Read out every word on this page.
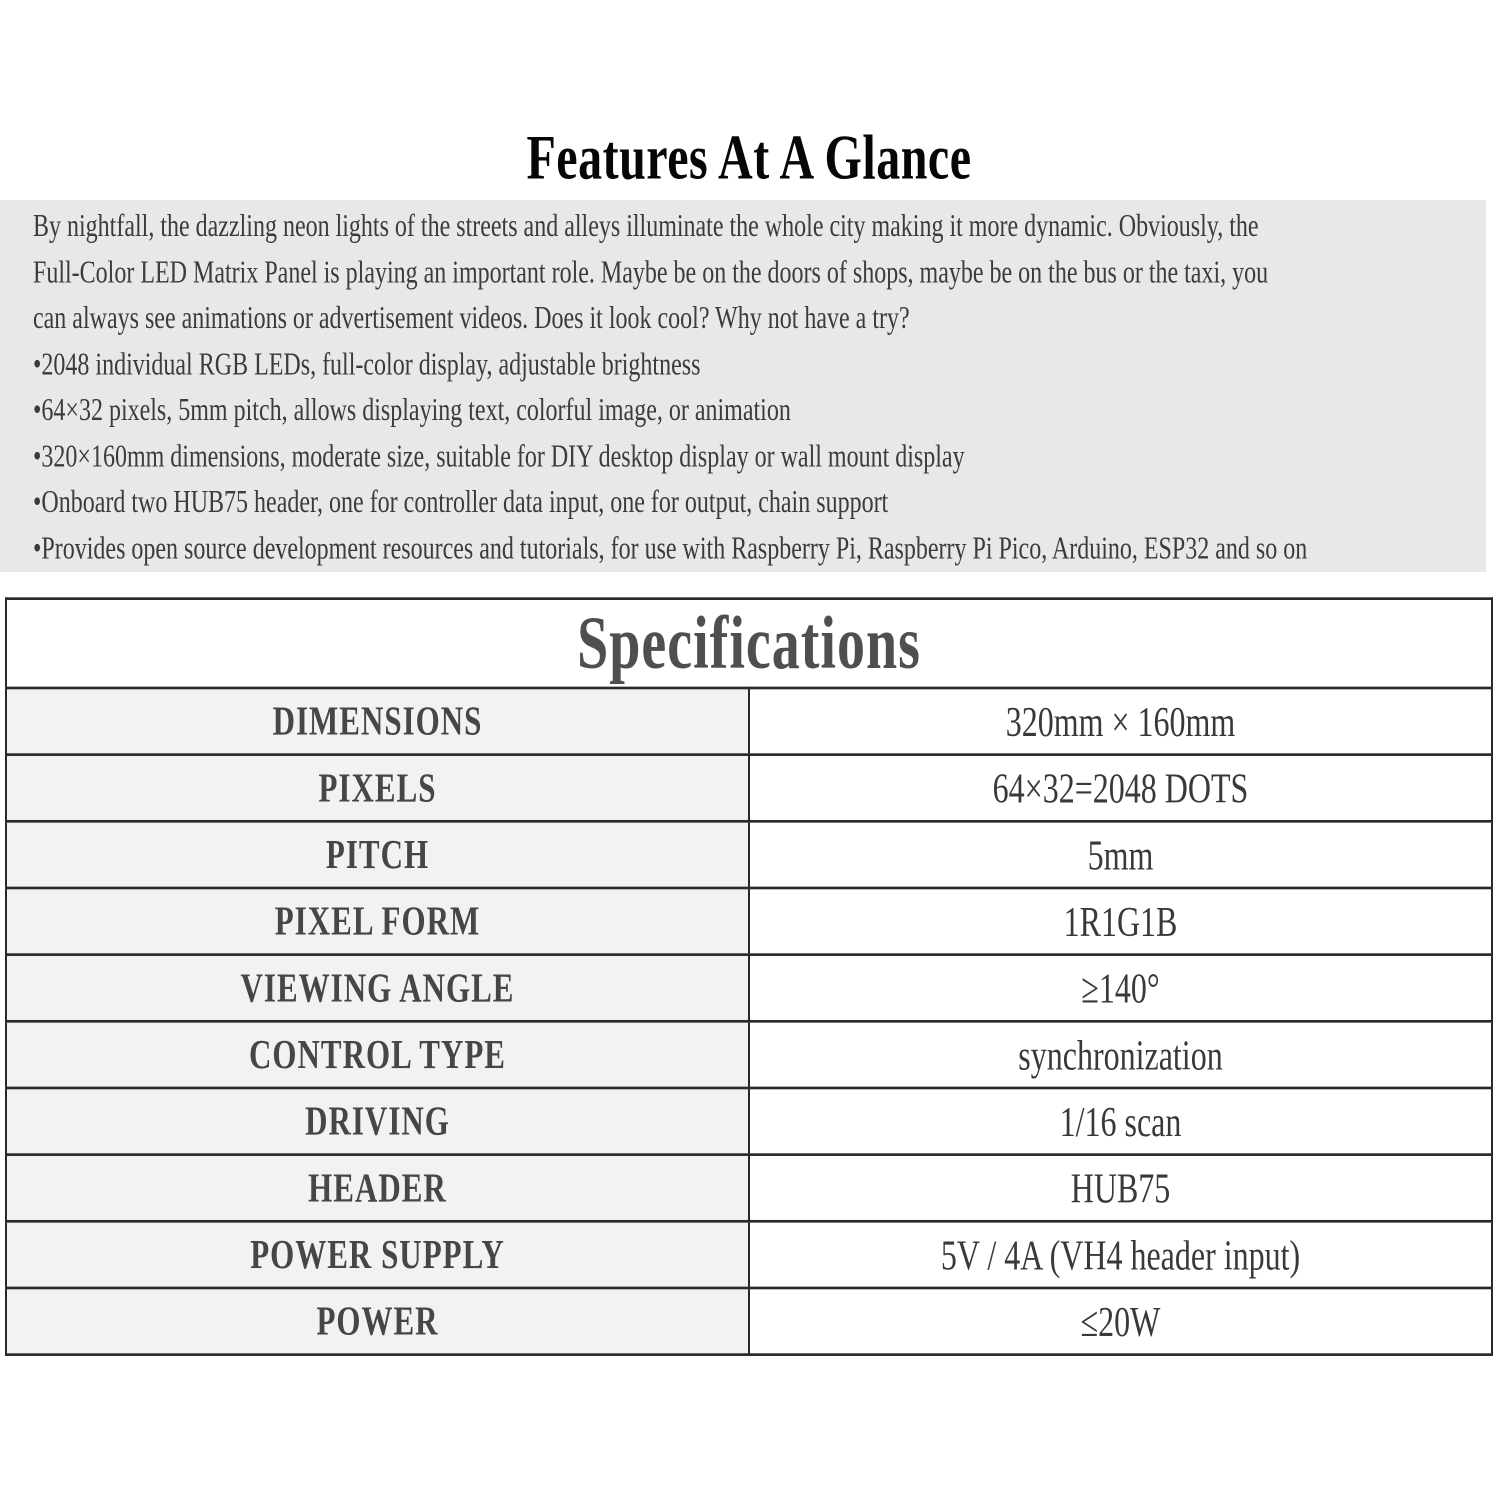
Features At A Glance
By nightfall, the dazzling neon lights of the streets and alleys illuminate the whole city making it more dynamic. Obviously, the
Full-Color LED Matrix Panel is playing an important role. Maybe be on the doors of shops, maybe be on the bus or the taxi, you
can always see animations or advertisement videos. Does it look cool? Why not have a try?
•2048 individual RGB LEDs, full-color display, adjustable brightness
•64×32 pixels, 5mm pitch, allows displaying text, colorful image, or animation
•320×160mm dimensions, moderate size, suitable for DIY desktop display or wall mount display
•Onboard two HUB75 header, one for controller data input, one for output, chain support
•Provides open source development resources and tutorials, for use with Raspberry Pi, Raspberry Pi Pico, Arduino, ESP32 and so on
Specifications	
DIMENSIONS	320mm × 160mm
PIXELS	64×32=2048 DOTS
PITCH	5mm
PIXEL FORM	1R1G1B
VIEWING ANGLE	≥140°
CONTROL TYPE	synchronization
DRIVING	1/16 scan
HEADER	HUB75
POWER SUPPLY	5V / 4A (VH4 header input)
POWER	≤20W
